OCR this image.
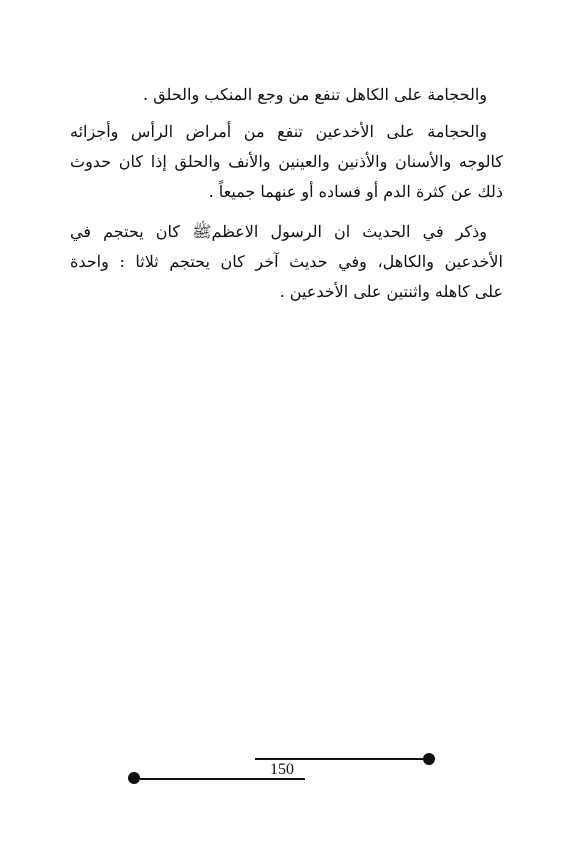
والحجامة على الكاهل تنفع من وجع المنكب والحلق .
والحجامة على الأخدعين تنفع من أمراض الرأس وأجزائه
كالوجه والأسنان والأذنين والعينين والأنف والحلق إذا كان حدوث
ذلك عن كثرة الدم أو فساده أو عنهما جميعاً .
وذكر في الحديث ان الرسول الاعظمﷺ كان يحتجم في
الأخدعين والكاهل، وفي حديث آخر كان يحتجم ثلاثا : واحدة
على كاهله واثنتين على الأخدعين .
150
